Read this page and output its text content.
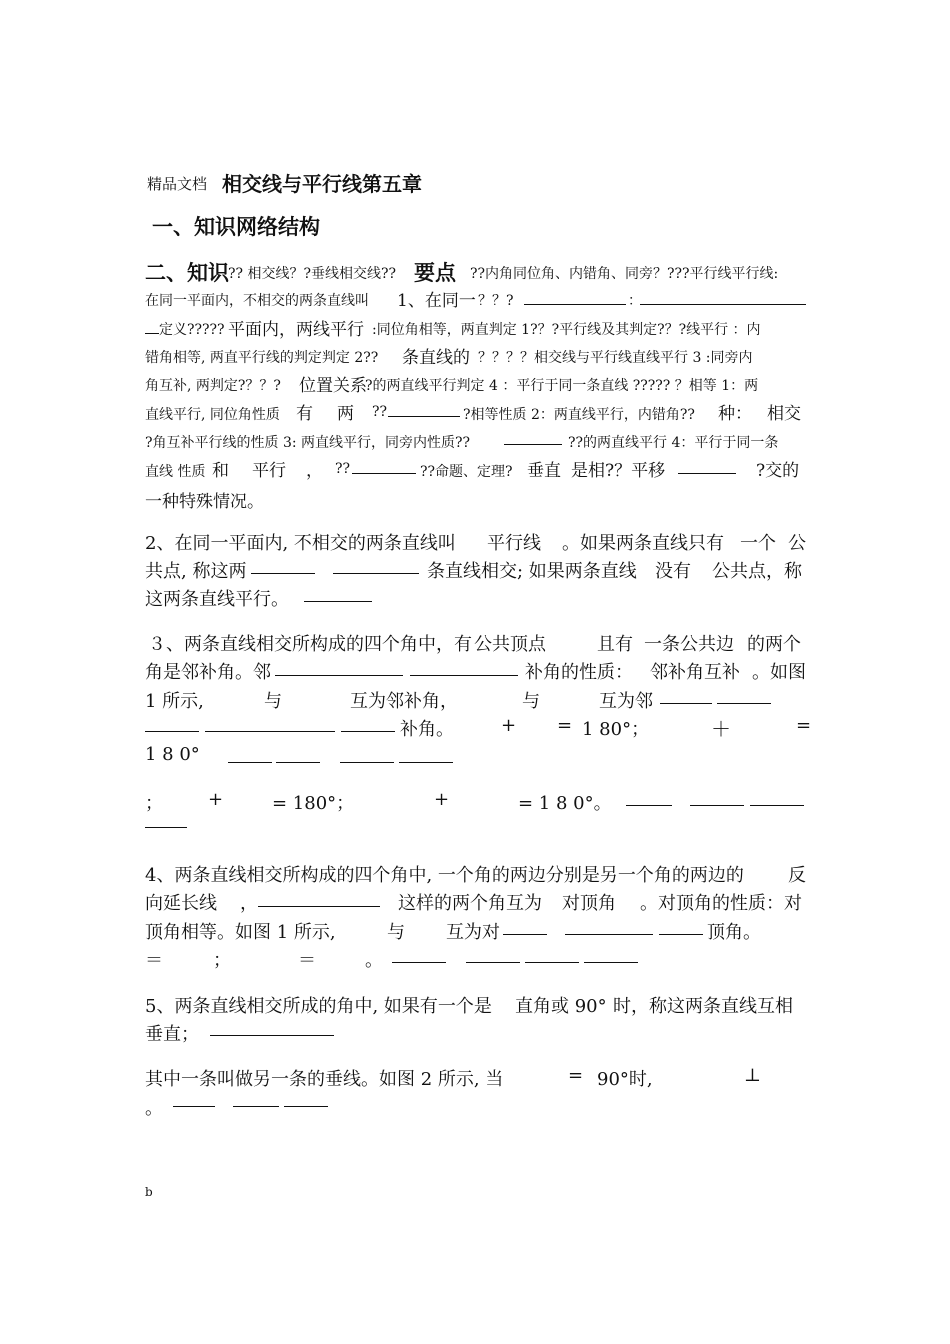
精品文档 相交线与平行线第五章
一、知识网络结构
二、知识 ?? 相交线？?垂线相交线?? 要点 ??内角同位角、内错角、同旁？???平行线平行线:
在同一平面内，不相交的两条直线叫 1、在同一 ？？?	：
定义????? 平面内，两线平行 :同位角相等，两直判定 1?？?平行线及其判定?？?线平行 ：内
错角相等, 两直平行线的判定判定 2?? 条直线的 ？？？？相交线与平行线直线平行 3 :同旁内
角互补, 两判定?？？? 位置关系
?的两直线平行判定 4 ：平行于同一条直线 ????? ？相等 1：两
直线平行, 同位角性质 有 两 ??	?相等性质 2：两直线平行，内错角?? 种： 相交
?角互补平行线的性质 3: 两直线平行，同旁内性质??	??的两直线平行 4：平行于同一条
直线 性质 和 平行 ， ??	??命题、定理? 垂直 是相?？平移	?交的
一种特殊情况。
2、在同一平面内, 不相交的两条直线叫 平行线 。如果两条直线只有 一个 公
共点, 称这两	条直线相交; 如果两条直线 没有 公共点，称
这两条直线平行。
３、两条直线相交所构成的四个角中，有 公共顶点	且有 一条公共边 的两个
角是邻补角。邻	补角的性质： 邻补角互补 。如图
1 所示,	与	互为邻补角，	与	互为邻
补角。	+ = 1 80°；	＋	=
1 8 0°
；	+	= 180°；	+	= 1 8 0°。
4、两条直线相交所构成的四个角中, 一个角的两边分别是另一个角的两边的 反
向延长线 ，	这样的两个角互为 对顶角 。对顶角的性质：对
顶角相等。如图 1 所示,	与 互为对	顶角。
＝	；	＝	。
5、两条直线相交所成的角中, 如果有一个是 直角或 90° 时，称这两条直线互相
垂直；
其中一条叫做另一条的垂线。如图 2 所示, 当	= 90°时,	⊥
。
b
